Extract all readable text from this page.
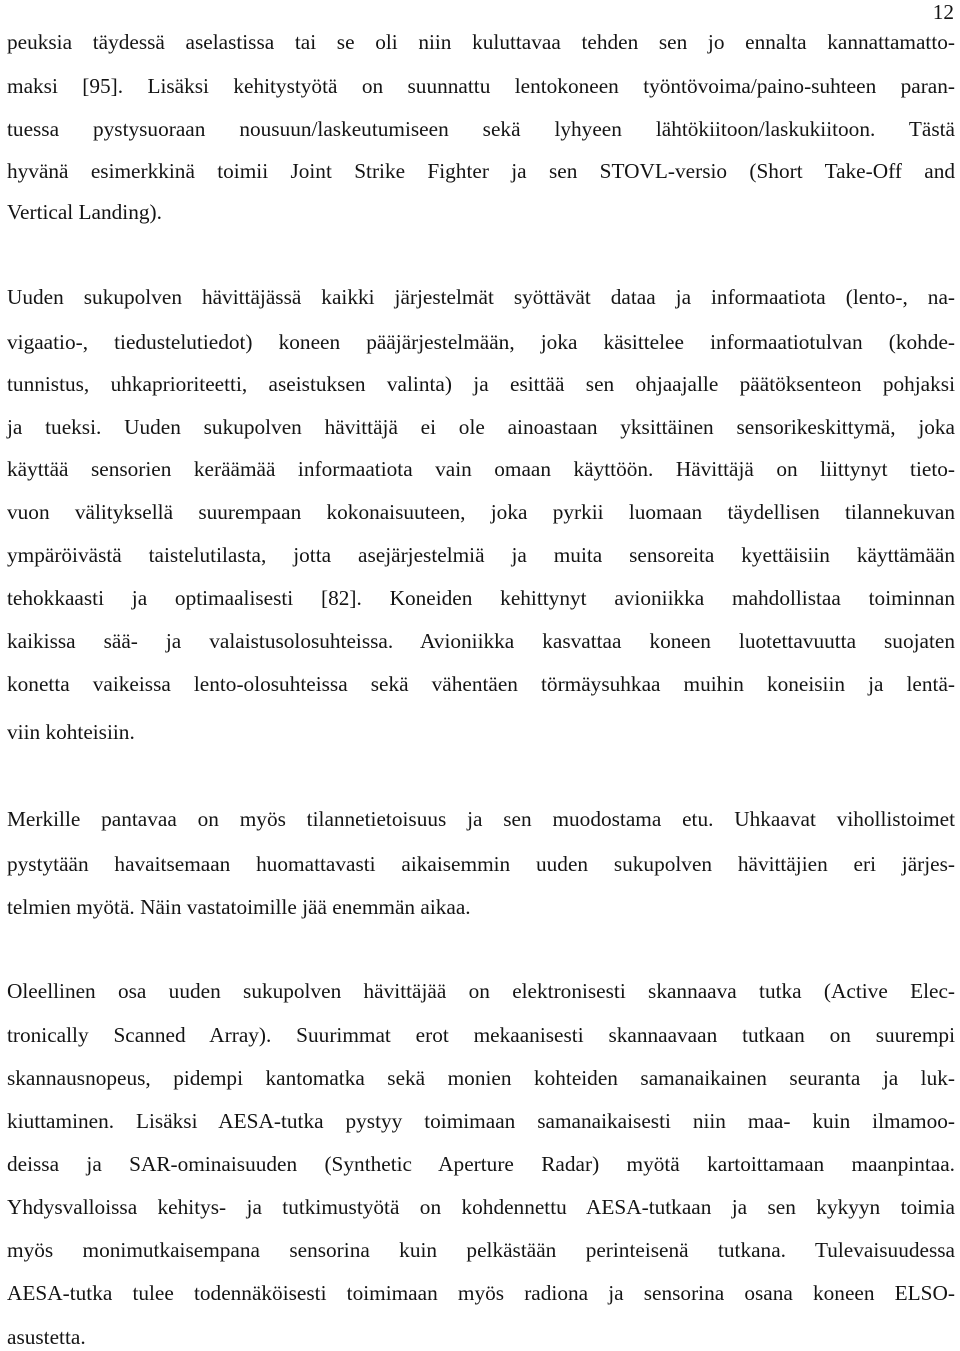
12
peuksia täydessä aselastissa tai se oli niin kuluttavaa tehden sen jo ennalta kannattamatto-
maksi [95]. Lisäksi kehitystyötä on suunnattu lentokoneen työntövoima/paino-suhteen paran-
tuessa pystysuoraan nousuun/laskeutumiseen sekä lyhyeen lähtökiitoon/laskukiitoon. Tästä
hyvänä esimerkkinä toimii Joint Strike Fighter ja sen STOVL-versio (Short Take-Off and
Vertical Landing).
Uuden sukupolven hävittäjässä kaikki järjestelmät syöttävät dataa ja informaatiota (lento-, na-
vigaatio-, tiedustelutiedot) koneen pääjärjestelmään, joka käsittelee informaatiotulvan (kohde-
tunnistus, uhkaprioriteetti, aseistuksen valinta) ja esittää sen ohjaajalle päätöksenteon pohjaksi
ja tueksi. Uuden sukupolven hävittäjä ei ole ainoastaan yksittäinen sensorikeskittymä, joka
käyttää sensorien keräämää informaatiota vain omaan käyttöön. Hävittäjä on liittynyt tieto-
vuon välityksellä suurempaan kokonaisuuteen, joka pyrkii luomaan täydellisen tilannekuvan
ympäröivästä taistelutilasta, jotta asejärjestelmiä ja muita sensoreita kyettäisiin käyttämään
tehokkaasti ja optimaalisesti [82]. Koneiden kehittynyt avioniikka mahdollistaa toiminnan
kaikissa sää- ja valaistusolosuhteissa. Avioniikka kasvattaa koneen luotettavuutta suojaten
konetta vaikeissa lento-olosuhteissa sekä vähentäen törmäysuhkaa muihin koneisiin ja lentä-
viin kohteisiin.
Merkille pantavaa on myös tilannetietoisuus ja sen muodostama etu. Uhkaavat vihollistoimet
pystytään havaitsemaan huomattavasti aikaisemmin uuden sukupolven hävittäjien eri järjes-
telmien myötä. Näin vastatoimille jää enemmän aikaa.
Oleellinen osa uuden sukupolven hävittäjää on elektronisesti skannaava tutka (Active Elec-
tronically Scanned Array). Suurimmat erot mekaanisesti skannaavaan tutkaan on suurempi
skannausnopeus, pidempi kantomatka sekä monien kohteiden samanaikainen seuranta ja luk-
kiuttaminen. Lisäksi AESA-tutka pystyy toimimaan samanaikaisesti niin maa- kuin ilmamoo-
deissa ja SAR-ominaisuuden (Synthetic Aperture Radar) myötä kartoittamaan maanpintaa.
Yhdysvalloissa kehitys- ja tutkimustyötä on kohdennettu AESA-tutkaan ja sen kykyyn toimia
myös monimutkaisempana sensorina kuin pelkästään perinteisenä tutkana. Tulevaisuudessa
AESA-tutka tulee todennäköisesti toimimaan myös radiona ja sensorina osana koneen ELSO-
asustetta.
